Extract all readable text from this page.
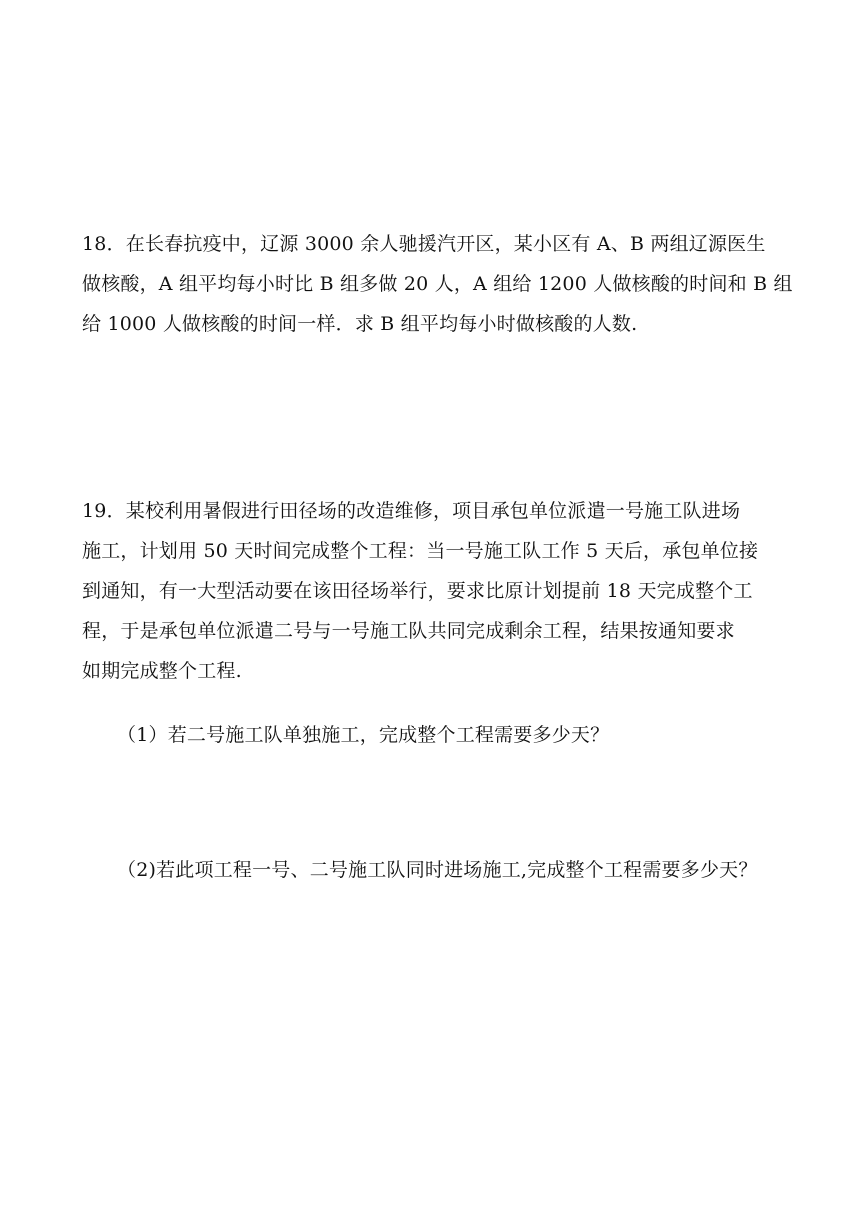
18．在长春抗疫中，辽源 3000 余人驰援汽开区，某小区有 A、B 两组辽源医生
做核酸，A 组平均每小时比 B 组多做 20 人，A 组给 1200 人做核酸的时间和 B 组
给 1000 人做核酸的时间一样．求 B 组平均每小时做核酸的人数.
19．某校利用暑假进行田径场的改造维修，项目承包单位派遣一号施工队进场
施工，计划用 50 天时间完成整个工程：当一号施工队工作 5 天后，承包单位接
到通知，有一大型活动要在该田径场举行，要求比原计划提前 18 天完成整个工
程，于是承包单位派遣二号与一号施工队共同完成剩余工程，结果按通知要求
如期完成整个工程.
（1）若二号施工队单独施工，完成整个工程需要多少天？
（2)若此项工程一号、二号施工队同时进场施工,完成整个工程需要多少天？
